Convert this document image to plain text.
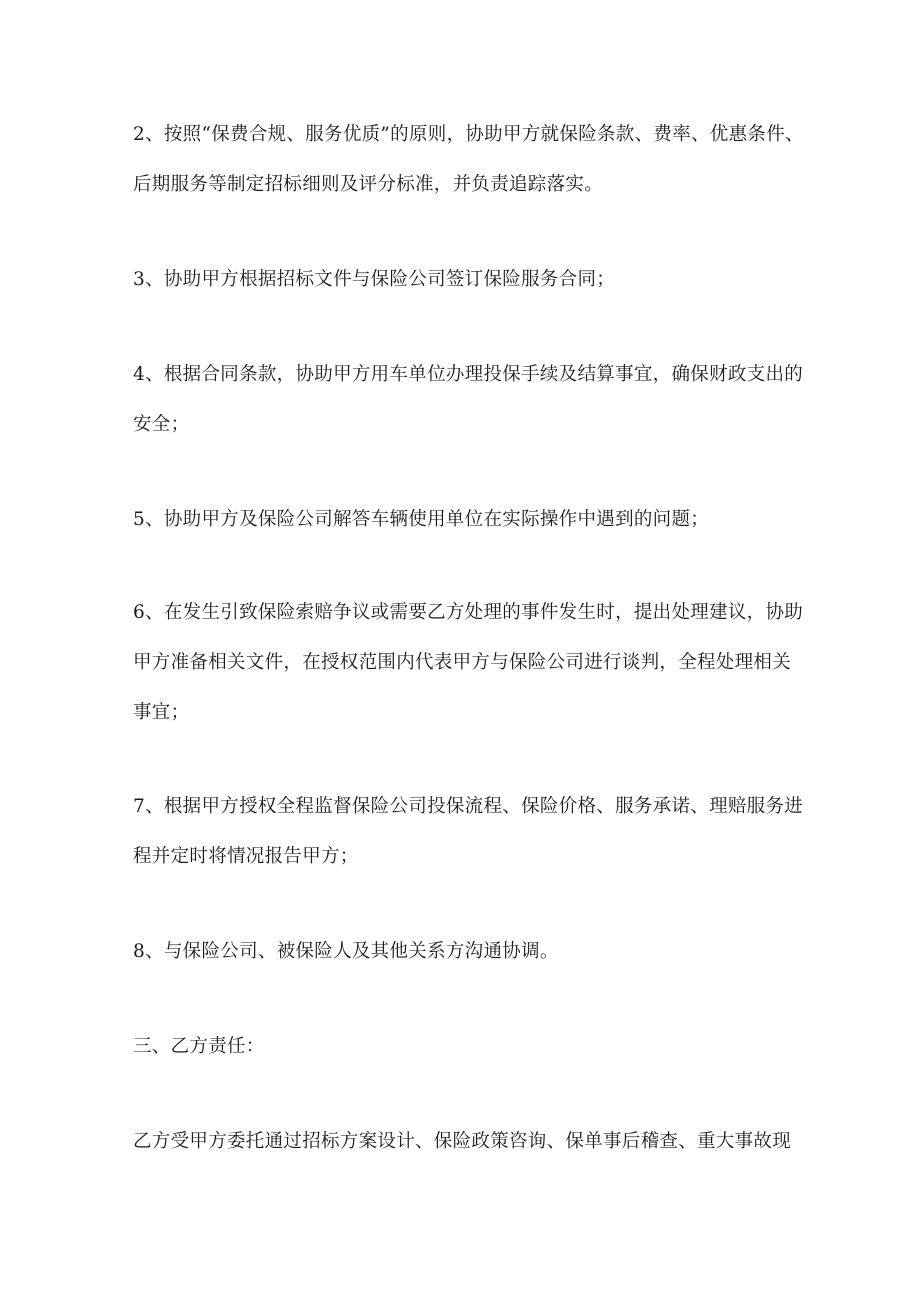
2、按照“保费合规、服务优质”的原则，协助甲方就保险条款、费率、优惠条件、
后期服务等制定招标细则及评分标准，并负责追踪落实。
3、协助甲方根据招标文件与保险公司签订保险服务合同；
4、根据合同条款，协助甲方用车单位办理投保手续及结算事宜，确保财政支出的
安全；
5、协助甲方及保险公司解答车辆使用单位在实际操作中遇到的问题；
6、在发生引致保险索赔争议或需要乙方处理的事件发生时，提出处理建议，协助
甲方准备相关文件，在授权范围内代表甲方与保险公司进行谈判，全程处理相关
事宜；
7、根据甲方授权全程监督保险公司投保流程、保险价格、服务承诺、理赔服务进
程并定时将情况报告甲方；
8、与保险公司、被保险人及其他关系方沟通协调。
三、乙方责任：
乙方受甲方委托通过招标方案设计、保险政策咨询、保单事后稽查、重大事故现
